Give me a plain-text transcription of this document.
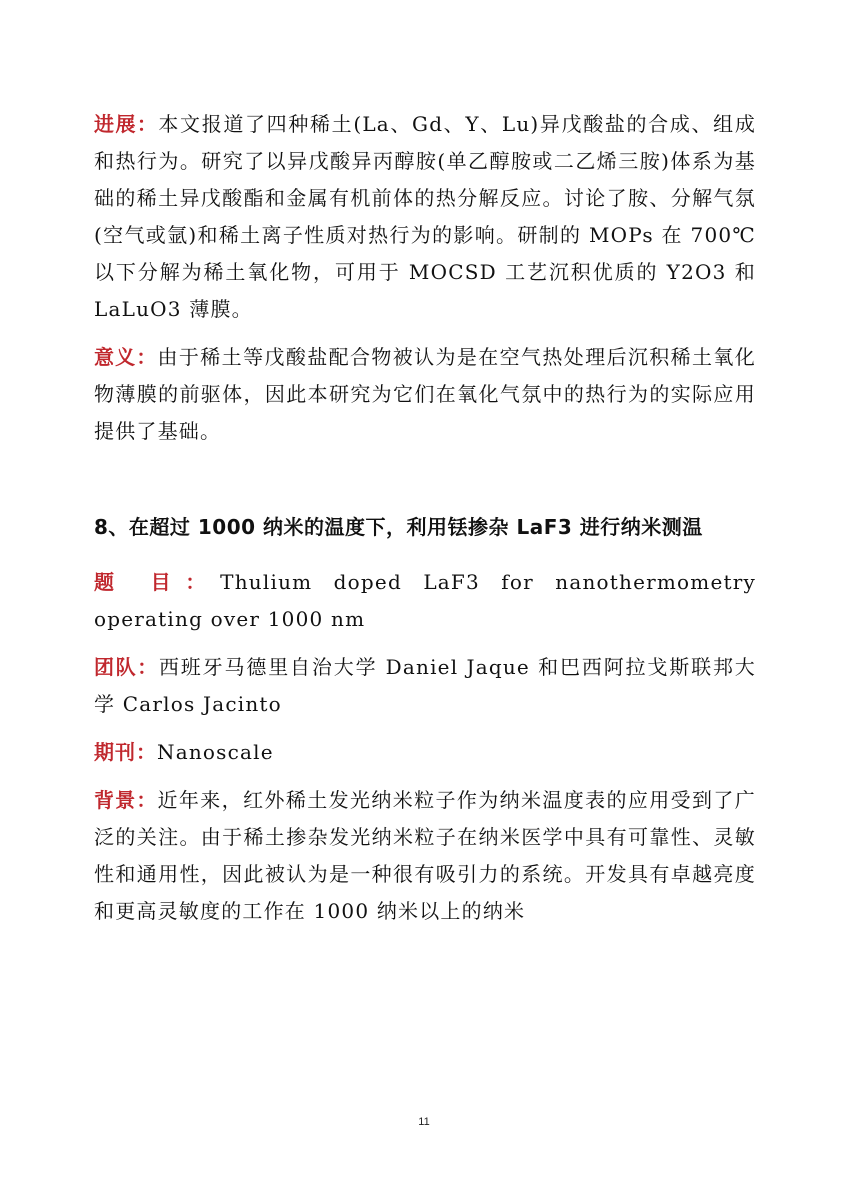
进展：本文报道了四种稀土(La、Gd、Y、Lu)异戊酸盐的合成、组成和热行为。研究了以异戊酸异丙醇胺(单乙醇胺或二乙烯三胺)体系为基础的稀土异戊酸酯和金属有机前体的热分解反应。讨论了胺、分解气氛(空气或氩)和稀土离子性质对热行为的影响。研制的 MOPs 在 700℃以下分解为稀土氧化物，可用于 MOCSD 工艺沉积优质的 Y2O3 和 LaLuO3 薄膜。

意义：由于稀土等戊酸盐配合物被认为是在空气热处理后沉积稀土氧化物薄膜的前驱体，因此本研究为它们在氧化气氛中的热行为的实际应用提供了基础。

8、在超过 1000 纳米的温度下，利用铥掺杂 LaF3 进行纳米测温

题 目：Thulium doped LaF3 for nanothermometry operating over 1000 nm

团队：西班牙马德里自治大学 Daniel Jaque 和巴西阿拉戈斯联邦大学 Carlos Jacinto

期刊：Nanoscale

背景：近年来，红外稀土发光纳米粒子作为纳米温度表的应用受到了广泛的关注。由于稀土掺杂发光纳米粒子在纳米医学中具有可靠性、灵敏性和通用性，因此被认为是一种很有吸引力的系统。开发具有卓越亮度和更高灵敏度的工作在 1000 纳米以上的纳米

11
